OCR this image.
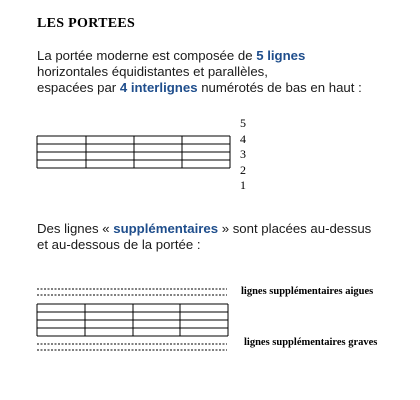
LES PORTEES
La portée moderne est composée de 5 lignes
horizontales équidistantes et parallèles,
espacées par 4 interlignes numérotés de bas en haut :
5
4
3
2
1
Des lignes « supplémentaires » sont placées au-dessus
et au-dessous de la portée :
lignes supplémentaires aigues
lignes supplémentaires graves
